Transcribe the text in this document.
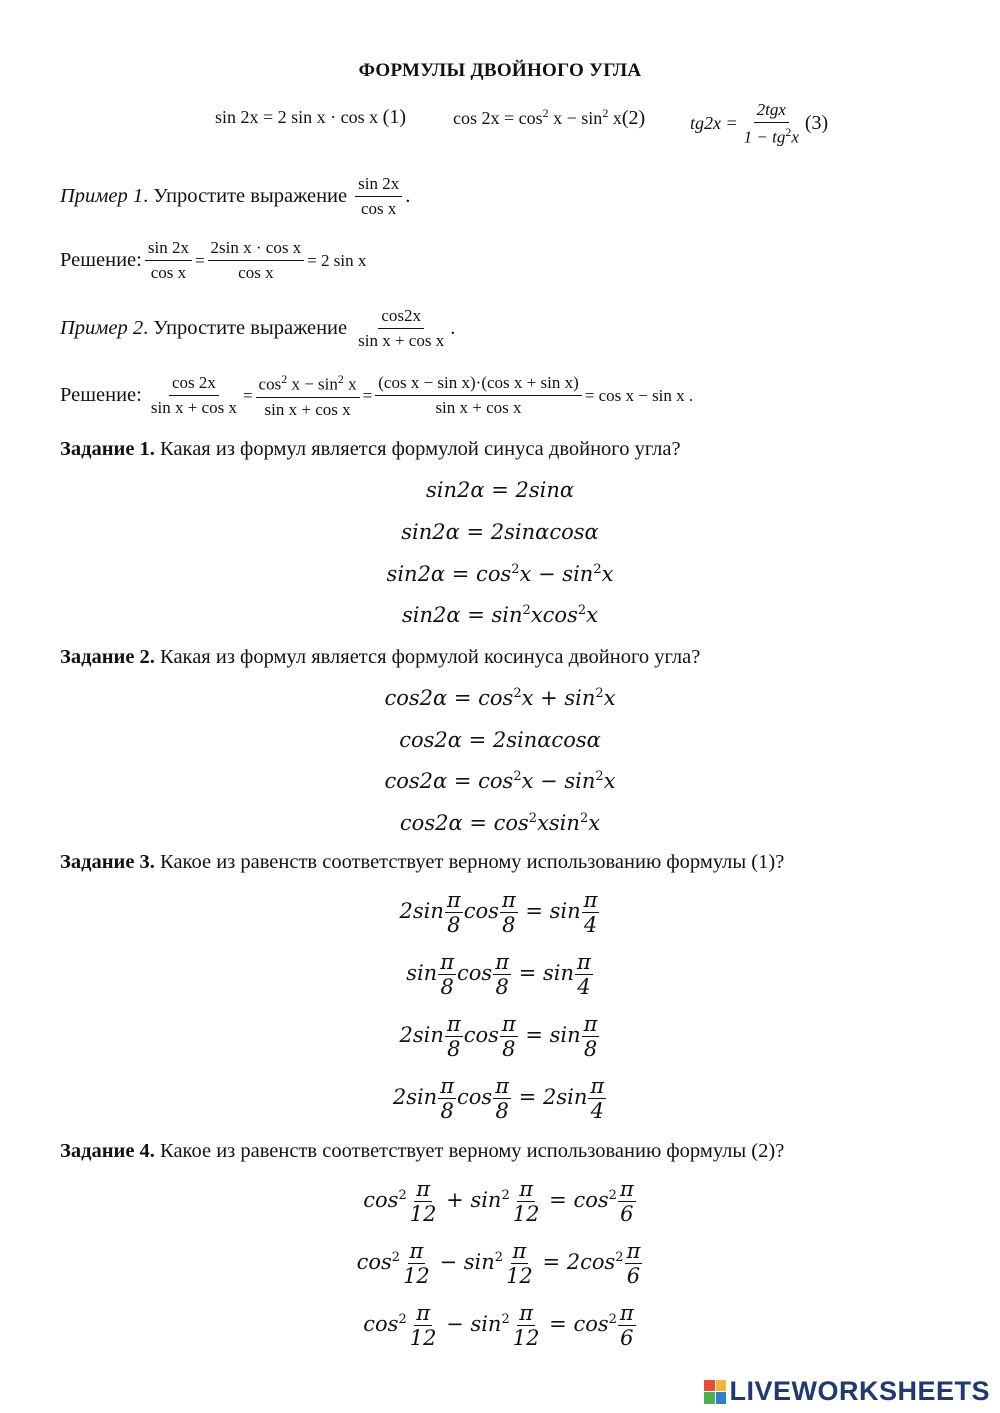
ФОРМУЛЫ ДВОЙНОГО УГЛА
sin 2x = 2 sin x · cos x (1)	$\cos 2x = \cos^2 x - \sin^2 x(2) tg2x = \frac{\text{2tgx}}{1 - tg^2x} (3)$
Пример 1 . Упростите выражение $\frac{\sin 2x}{\text{cos x}}$ .
Решение: $\frac{\sin 2x}{\text{cos x}} = \frac{\text{2sin x · cos x}}{\text{cos x}} = 2$ sin x
Пример 2 . Упростите выражение $\frac{\cos 2x}{\text{sin x + cos x}}$ .
Решение: $\frac{\cos 2x}{\text{sin x + cos x}} = \frac{\cos^2 x - \sin^2 x}{\text{sin x + cos x}} = \frac{\text{(cos x − sin x)·(cos x + sin x)}}{\text{sin x + cos x}} = \cos x - \sin x$ .
Задание 1. Какая из формул является формулой синуса двойного угла?
sin2α = 2sinα
sin2α = 2sinαcosα
$\sin 2\alpha = \cos^2x - \sin^2x$
$\sin 2\alpha = \sin^2xcos^2x$
Задание 2. Какая из формул является формулой косинуса двойного угла?
$\cos 2\alpha = \cos^2x + \sin^2x$
cos2α = 2sinαcosα
$\cos 2\alpha = \cos^2x - \sin^2x$
$\cos 2\alpha = \cos^2xsin^2x$
Задание 3. Какое из равенств соответствует верному использованию формулы (1)?
$2\sin \frac{\pi}{8}$ $\cos \frac{\pi}{8} = \sin \frac{\pi}{4}$
$\sin \frac{\pi}{8}$ $\cos \frac{\pi}{8} = \sin \frac{\pi}{4}$
$2\sin \frac{\pi}{8}$ $\cos \frac{\pi}{8} = \sin \frac{\pi}{8}$
$2\sin \frac{\pi}{8}$ $\cos \frac{\pi}{8} = 2\sin \frac{\pi}{4}$
Задание 4. Какое из равенств соответствует верному использованию формулы (2)?
$\cos^2 \frac{\pi}{12} + \sin^2 \frac{\pi}{12} = \cos^2 \frac{\pi}{6}$
$\cos^2 \frac{\pi}{12} - \sin^2 \frac{\pi}{12} = 2\cos^2 \frac{\pi}{6}$
$\cos^2 \frac{\pi}{12} - \sin^2 \frac{\pi}{12} = \cos^2 \frac{\pi}{6}$
LIVEWORKSHEETS
